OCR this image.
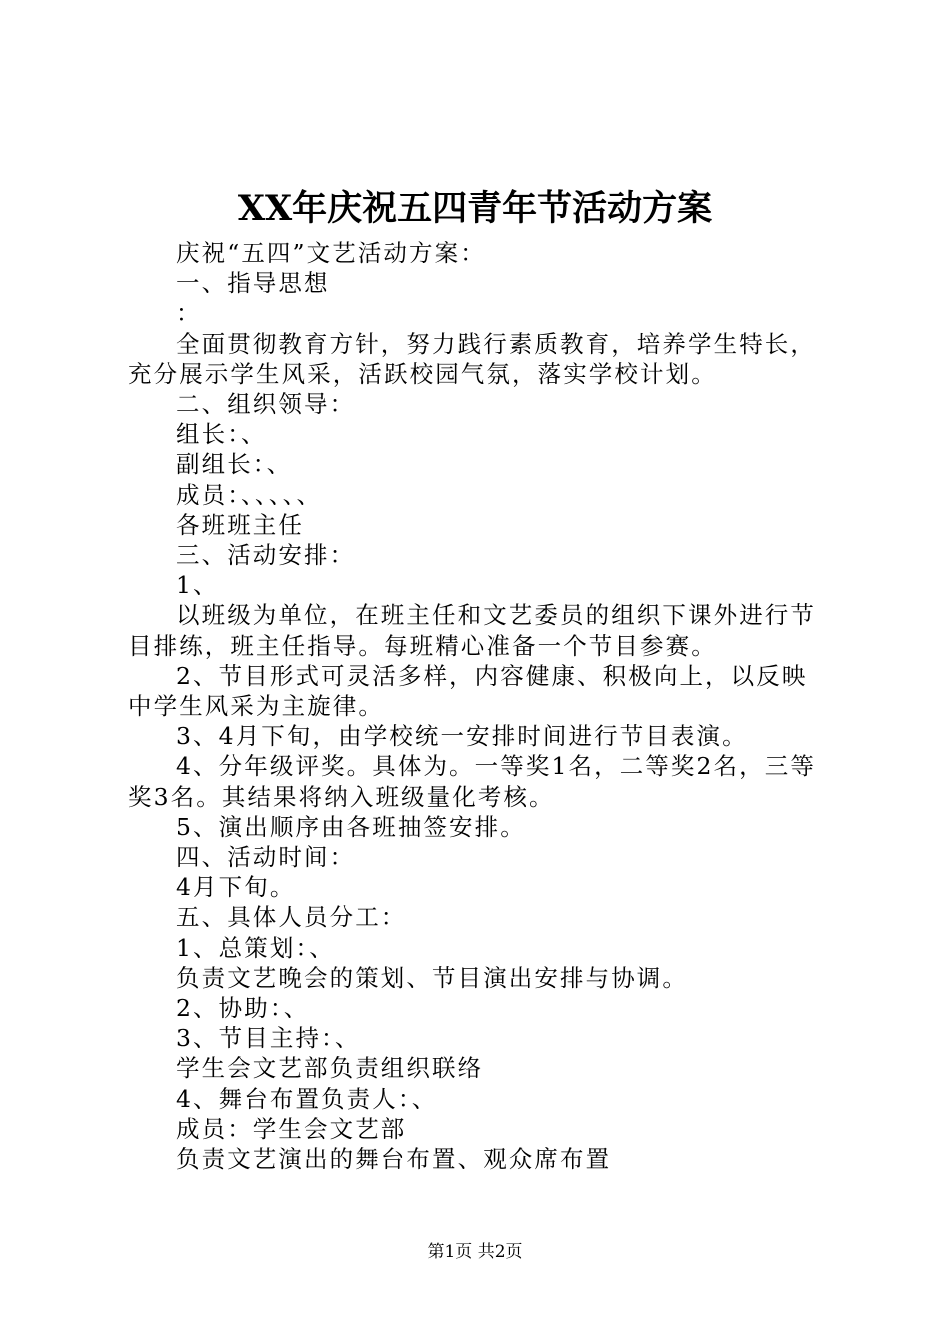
XX年庆祝五四青年节活动方案

庆祝“五四”文艺活动方案：

一、指导思想

：

全面贯彻教育方针，努力践行素质教育，培养学生特长，充分展示学生风采，活跃校园气氛，落实学校计划。

二、组织领导：

组长：、

副组长：、

成员：、、、、、

各班班主任

三、活动安排：

1、

以班级为单位，在班主任和文艺委员的组织下课外进行节目排练，班主任指导。每班精心准备一个节目参赛。

2、节目形式可灵活多样，内容健康、积极向上，以反映中学生风采为主旋律。

3、4月下旬，由学校统一安排时间进行节目表演。

4、分年级评奖。具体为。一等奖1名，二等奖2名，三等奖3名。其结果将纳入班级量化考核。

5、演出顺序由各班抽签安排。

四、活动时间：

4月下旬。

五、具体人员分工：

1、总策划：、

负责文艺晚会的策划、节目演出安排与协调。

2、协助：、

3、节目主持：、

学生会文艺部负责组织联络

4、舞台布置负责人：、

成员：学生会文艺部

负责文艺演出的舞台布置、观众席布置

第1页 共2页
